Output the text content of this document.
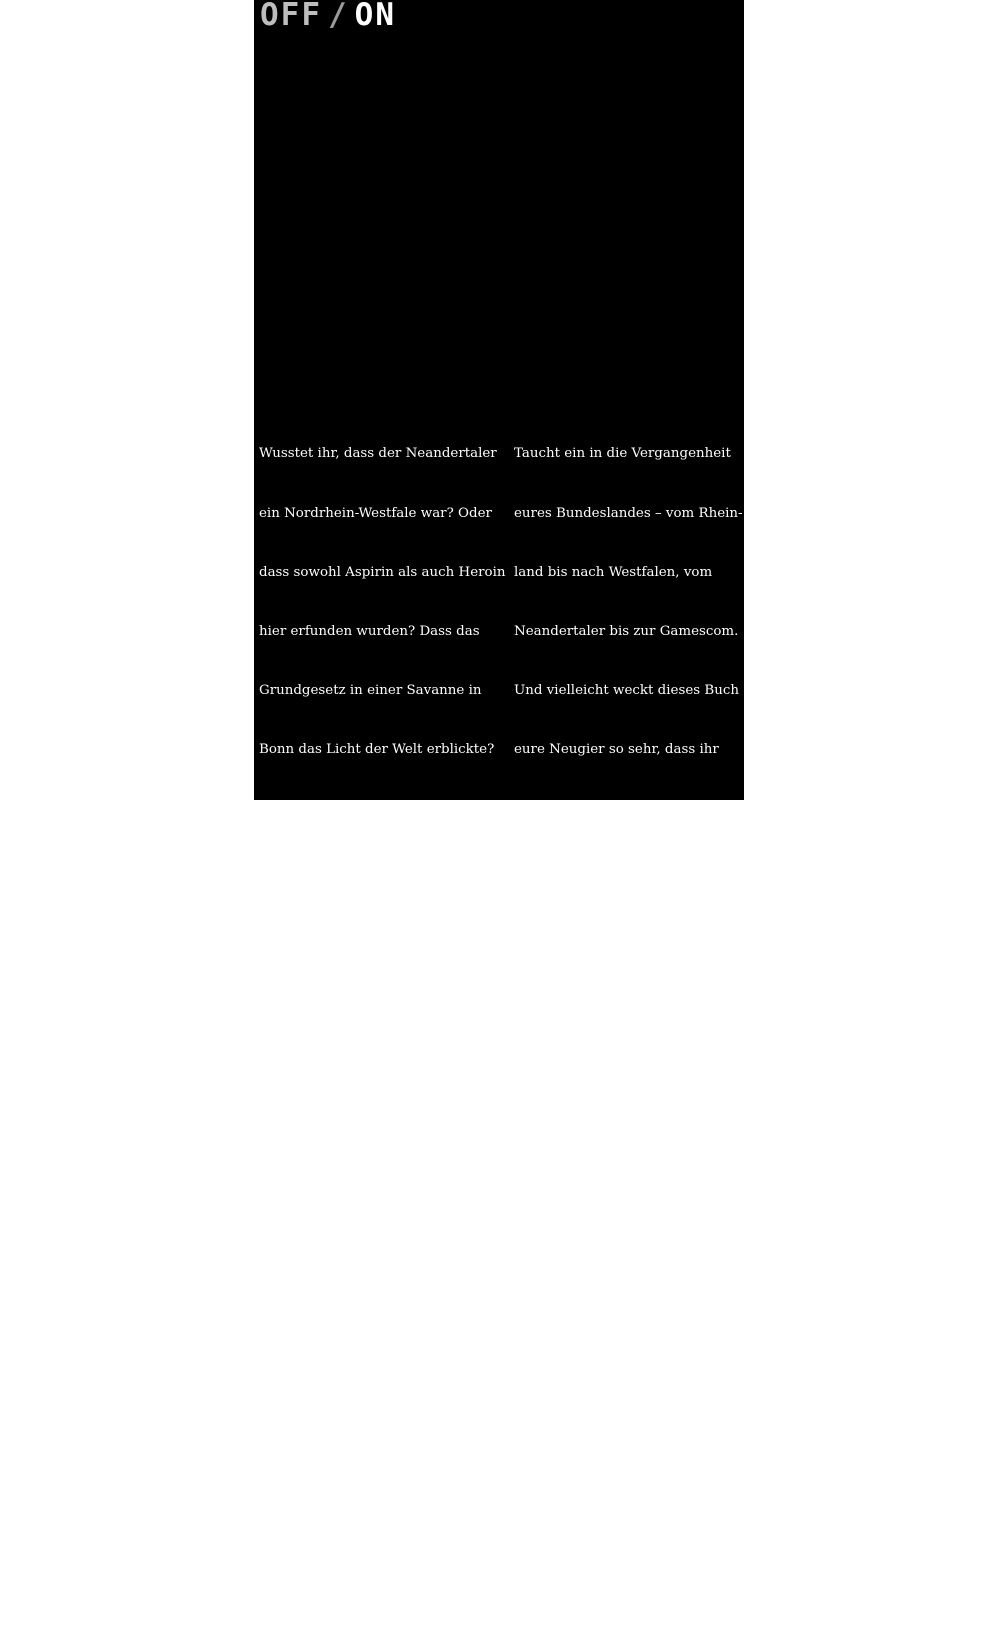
OFF / ON

Wusstet ihr, dass der Neandertaler

ein Nordrhein-Westfale war? Oder

dass sowohl Aspirin als auch Heroin

hier erfunden wurden? Dass das

Grundgesetz in einer Savanne in

Bonn das Licht der Welt erblickte?

Oder dass die US-Amerikaner einen

Wald in der Eifel als „Bloody Forest“

bezeichnen?

Die Geschichte eurer Heimat steckt

voller überraschender Stories – von

Monstern und Drachen, Hexen und

Karneval bis hin zu Gummibärchen

und Limonade. In diesem Buch

haben wir sie für euch versammelt:

mit Bildern im Retro-Pixel-Style, die

euch in vergangene Welten entfüh-

ren, und kurzen, szenischen Texten,

die euch die Geschichten dahinter

erzählen.

Taucht ein in die Vergangenheit

eures Bundeslandes – vom Rhein-

land bis nach Westfalen, vom

Neandertaler bis zur Gamescom.

Und vielleicht weckt dieses Buch

eure Neugier so sehr, dass ihr

die Fortsetzung der Geschichten

selbst recherchiert – oder euch auf

den Weg macht, um die Orte des

Geschehens mit eigenen Augen zu

sehen.
